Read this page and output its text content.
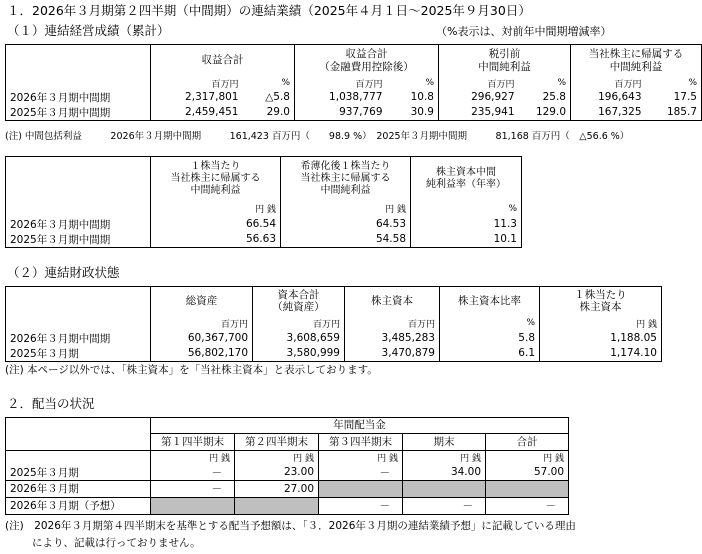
１．2026年３月期第２四半期（中間期）の連結業績（2025年４月１日～2025年９月30日）
（１）連結経営成績（累計）	（%表示は、対前年中間期増減率）
	収益合計		収益合計
（金融費用控除後）		税引前
中間純利益		当社株主に帰属する
中間純利益	
	百万円	%	百万円	%	百万円	%	百万円	%
2026年３月期中間期	2,317,801	△5.8	1,038,777	10.8	296,927	25.8	196,643	17.5
2025年３月期中間期	2,459,451	29.0	937,769	30.9	235,941	129.0	167,325	185.7
(注) 中間包括利益　　　2026年３月期中間期　　　161,423 百万円（　　98.9 %）　2025年３月期中間期　　　81,168 百万円（　△56.6 %）
	１株当たり
当社株主に帰属する
中間純利益	希薄化後１株当たり
当社株主に帰属する
中間純利益	株主資本中間
純利益率（年率）
	円 銭	円 銭	%
2026年３月期中間期	66.54	64.53	11.3
2025年３月期中間期	56.63	54.58	10.1
（２）連結財政状態
	総資産	資本合計
（純資産）	株主資本	株主資本比率	１株当たり
株主資本
	百万円	百万円	百万円	%	円 銭
2026年３月期中間期	60,367,700	3,608,659	3,485,283	5.8	1,188.05
2025年３月期	56,802,170	3,580,999	3,470,879	6.1	1,174.10
(注) 本ページ以外では、「株主資本」を「当社株主資本」と表示しております。
２．配当の状況
	年間配当金				
	第１四半期末	第２四半期末	第３四半期末	期末	合計
	円 銭	円 銭	円 銭	円 銭	円 銭
2025年３月期	－	23.00	－	34.00	57.00
2026年３月期	－	27.00			
2026年３月期（予想）			－	－	－
(注)　2026年３月期第４四半期末を基準とする配当予想額は、「３．2026年３月期の連結業績予想」に記載している理由
により、記載は行っておりません。
